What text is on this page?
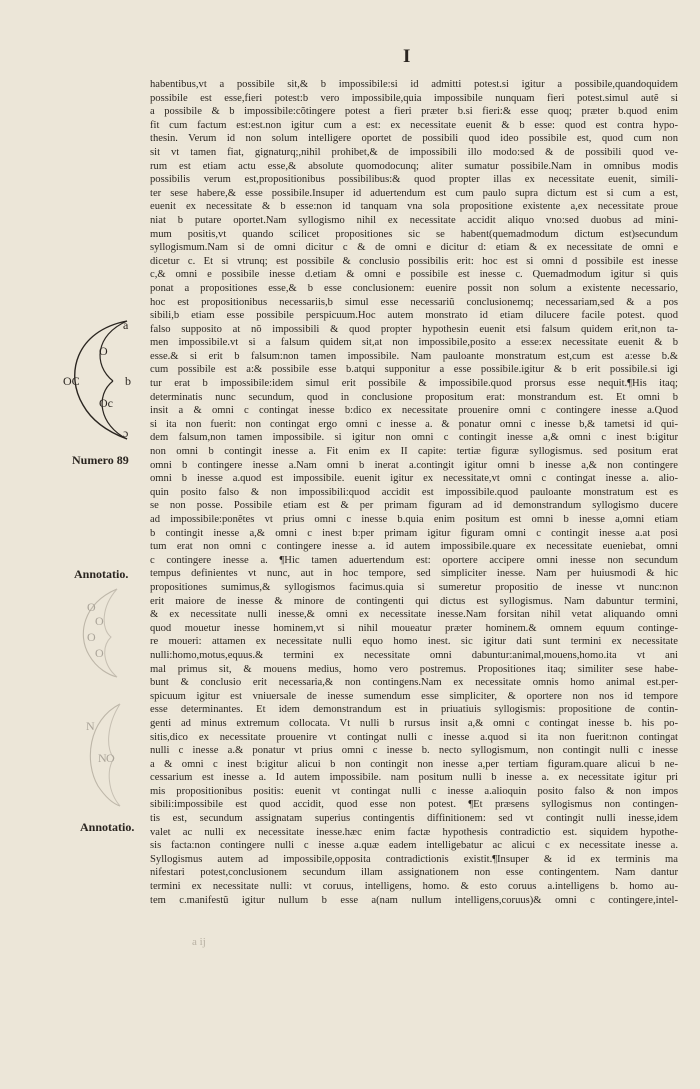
I
a
O
OC	b
Oc
ɔ
Numero 89
Annotatio.
O
O
O
O
N
N O
Annotatio.

habentibus,vt a possibile sit,& b impossibile:si id admitti potest.si igitur a possibile,quandoquidem

possibile est esse,fieri potest:b vero impossibile,quia impossibile nunquam fieri potest.simul autẽ si

a possibile & b impossibile:cõtingere potest a fieri præter b.si fieri:& esse quoq; præter b.quod enim

fit cum factum est:est.non igitur cum a est: ex necessitate euenit & b esse: quod est contra hypo-

thesin. Verum id non solum intelligere oportet de possibili quod ideo possibile est, quod cum non

sit vt tamen fiat, gignaturq;,nihil prohibet,& de impossibili illo modo:sed & de possibili quod ve-

rum est etiam actu esse,& absolute quomodocunq; aliter sumatur possibile.Nam in omnibus modis

possibilis verum est,propositionibus possibilibus:& quod propter illas ex necessitate euenit, simili-

ter sese habere,& esse possibile.Insuper id aduertendum est cum paulo supra dictum est si cum a est,

euenit ex necessitate & b esse:non id tanquam vna sola propositione existente a,ex necessitate proue

niat b putare oportet.Nam syllogismo nihil ex necessitate accidit aliquo vno:sed duobus ad mini-

mum positis,vt quando scilicet propositiones sic se habent(quemadmodum dictum est)secundum

syllogismum.Nam si de omni dicitur c & de omni e dicitur d: etiam & ex necessitate de omni e

dicetur c. Et si vtrunq; est possibile & conclusio possibilis erit: hoc est si omni d possibile est inesse

c,& omni e possibile inesse d.etiam & omni e possibile est inesse c. Quemadmodum igitur si quis

ponat a propositiones esse,& b esse conclusionem: euenire possit non solum a existente necessario,

hoc est propositionibus necessariis,b simul esse necessariũ conclusionemq; necessariam,sed & a pos

sibili,b etiam esse possibile perspicuum.Hoc autem monstrato id etiam dilucere facile potest. quod

falso supposito at nõ impossibili & quod propter hypothesin euenit etsi falsum quidem erit,non ta-

men impossibile.vt si a falsum quidem sit,at non impossibile,posito a esse:ex necessitate euenit & b

esse.& si erit b falsum:non tamen impossibile. Nam pauloante monstratum est,cum est a:esse b.&

cum possibile est a:& possibile esse b.atqui supponitur a esse possibile.igitur & b erit possibile.si igi

tur erat b impossibile:idem simul erit possibile & impossibile.quod prorsus esse nequit.¶His itaq;

determinatis nunc secundum, quod in conclusione propositum erat: monstrandum est. Et omni b

insit a & omni c contingat inesse b:dico ex necessitate prouenire omni c contingere inesse a.Quod

si ita non fuerit: non contingat ergo omni c inesse a. & ponatur omni c inesse b,& tametsi id qui-

dem falsum,non tamen impossibile. si igitur non omni c contingit inesse a,& omni c inest b:igitur

non omni b contingit inesse a. Fit enim ex II capite: tertiæ figuræ syllogismus. sed positum erat

omni b contingere inesse a.Nam omni b inerat a.contingit igitur omni b inesse a,& non contingere

omni b inesse a.quod est impossibile. euenit igitur ex necessitate,vt omni c contingat inesse a. alio-

quin posito falso & non impossibili:quod accidit est impossibile.quod pauloante monstratum est es

se non posse. Possibile etiam est & per primam figuram ad id demonstrandum syllogismo ducere

ad impossibile:ponẽtes vt prius omni c inesse b.quia enim positum est omni b inesse a,omni etiam

b contingit inesse a,& omni c inest b:per primam igitur figuram omni c contingit inesse a.at posi

tum erat non omni c contingere inesse a. id autem impossibile.quare ex necessitate eueniebat, omni

c contingere inesse a. ¶Hic tamen aduertendum est: oportere accipere omni inesse non secundum

tempus definientes vt nunc, aut in hoc tempore, sed simpliciter inesse. Nam per huiusmodi & hic

propositiones sumimus,& syllogismos facimus.quia si sumeretur propositio de inesse vt nunc:non

erit maiore de inesse & minore de contingenti qui dictus est syllogismus. Nam dabuntur termini,

& ex necessitate nulli inesse,& omni ex necessitate inesse.Nam forsitan nihil vetat aliquando omni

quod mouetur inesse hominem,vt si nihil moueatur præter hominem.& omnem equum continge-

re moueri: attamen ex necessitate nulli equo homo inest. sic igitur dati sunt termini ex necessitate

nulli:homo,motus,equus.& termini ex necessitate omni dabuntur:animal,mouens,homo.ita vt ani

mal primus sit, & mouens medius, homo vero postremus. Propositiones itaq; similiter sese habe-

bunt & conclusio erit necessaria,& non contingens.Nam ex necessitate omnis homo animal est.per-

spicuum igitur est vniuersale de inesse sumendum esse simpliciter, & oportere non nos id tempore

esse determinantes. Et idem demonstrandum est in priuatiuis syllogismis: propositione de contin-

genti ad minus extremum collocata. Vt nulli b rursus insit a,& omni c contingat inesse b. his po-

sitis,dico ex necessitate prouenire vt contingat nulli c inesse a.quod si ita non fuerit:non contingat

nulli c inesse a.& ponatur vt prius omni c inesse b. necto syllogismum, non contingit nulli c inesse

a & omni c inest b:igitur alicui b non contingit non inesse a,per tertiam figuram.quare alicui b ne-

cessarium est inesse a. Id autem impossibile. nam positum nulli b inesse a. ex necessitate igitur pri

mis propositionibus positis: euenit vt contingat nulli c inesse a.alioquin posito falso & non impos

sibili:impossibile est quod accidit, quod esse non potest. ¶Et præsens syllogismus non contingen-

tis est, secundum assignatam superius contingentis diffinitionem: sed vt contingit nulli inesse,idem

valet ac nulli ex necessitate inesse.hæc enim factæ hypothesis contradictio est. siquidem hypothe-

sis facta:non contingere nulli c inesse a.quæ eadem intelligebatur ac alicui c ex necessitate inesse a.

Syllogismus autem ad impossibile,opposita contradictionis existit.¶Insuper & id ex terminis ma

nifestari potest,conclusionem secundum illam assignationem non esse contingentem. Nam dantur

termini ex necessitate nulli: vt coruus, intelligens, homo. & esto coruus a.intelligens b. homo au-

tem c.manifestũ igitur nullum b esse a(nam nullum intelligens,coruus)& omni c contingere,intel-

a ij
